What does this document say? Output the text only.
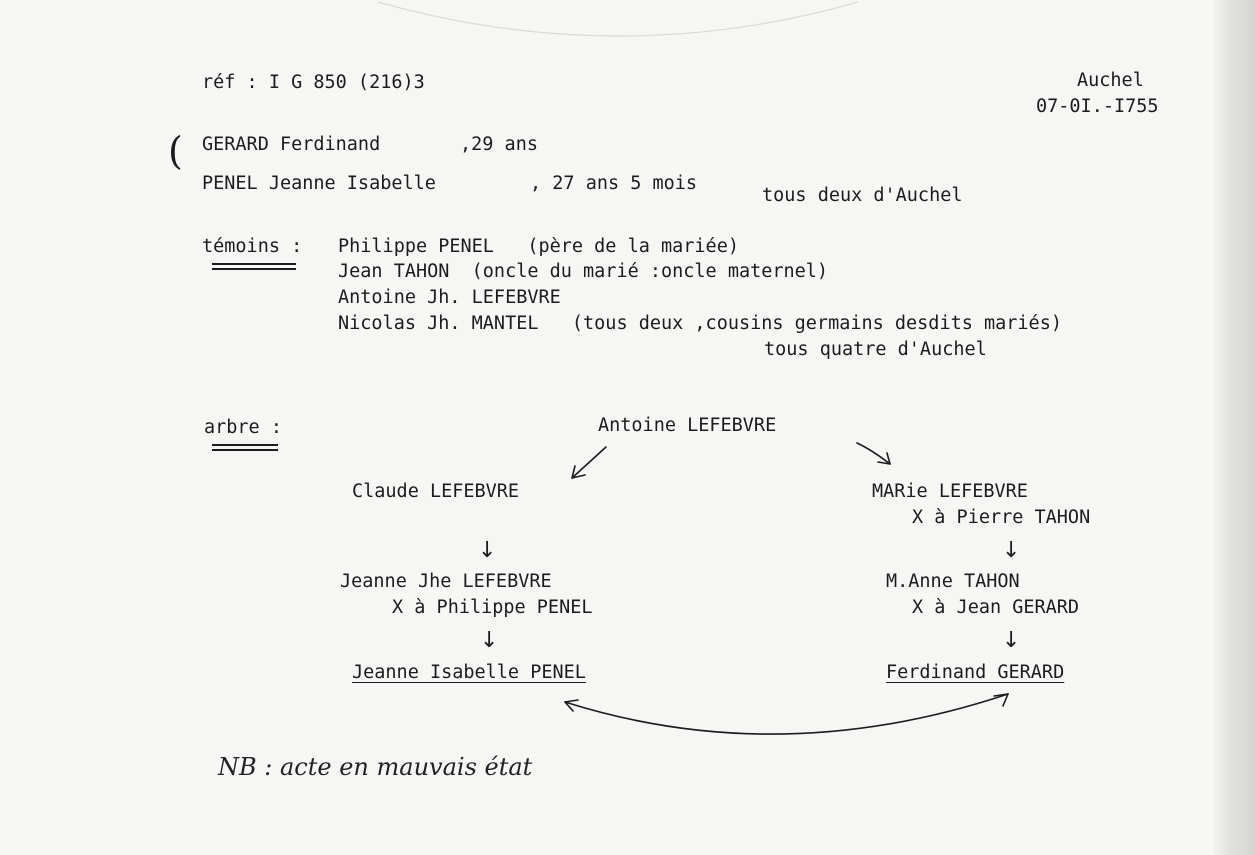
réf : I G 850 (216)3	Auchel
07-0I.-I755
( GERARD Ferdinand	,29 ans
PENEL Jeanne Isabelle	, 27 ans 5 mois
tous deux d'Auchel
témoins : Philippe PENEL   (père de la mariée)
Jean TAHON  (oncle du marié :oncle maternel)
Antoine Jh. LEFEBVRE
Nicolas Jh. MANTEL   (tous deux ,cousins germains desdits mariés)
tous quatre d'Auchel
arbre :	Antoine LEFEBVRE
Claude LEFEBVRE
↓
Jeanne Jhe LEFEBVRE
X à Philippe PENEL
↓
Jeanne Isabelle PENEL
MARie LEFEBVRE
X à Pierre TAHON
↓
M.Anne TAHON
X à Jean GERARD
↓
Ferdinand GERARD
NB : acte en mauvais état
